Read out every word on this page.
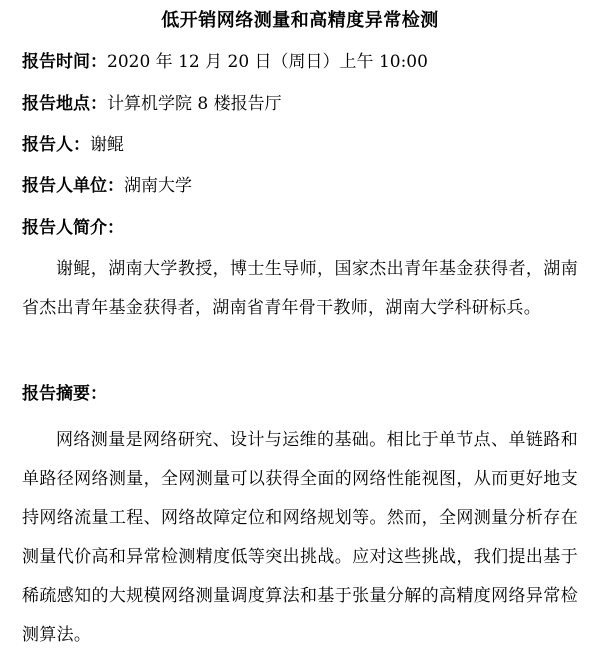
低开销网络测量和高精度异常检测
报告时间：2020 年 12 月 20 日（周日）上午 10:00
报告地点：计算机学院 8 楼报告厅
报告人：谢鲲
报告人单位：湖南大学
报告人简介：
谢鲲，湖南大学教授，博士生导师，国家杰出青年基金获得者，湖南省杰出青年基金获得者，湖南省青年骨干教师，湖南大学科研标兵。
报告摘要：
网络测量是网络研究、设计与运维的基础。相比于单节点、单链路和单路径网络测量，全网测量可以获得全面的网络性能视图，从而更好地支持网络流量工程、网络故障定位和网络规划等。然而，全网测量分析存在测量代价高和异常检测精度低等突出挑战。应对这些挑战，我们提出基于稀疏感知的大规模网络测量调度算法和基于张量分解的高精度网络异常检测算法。
